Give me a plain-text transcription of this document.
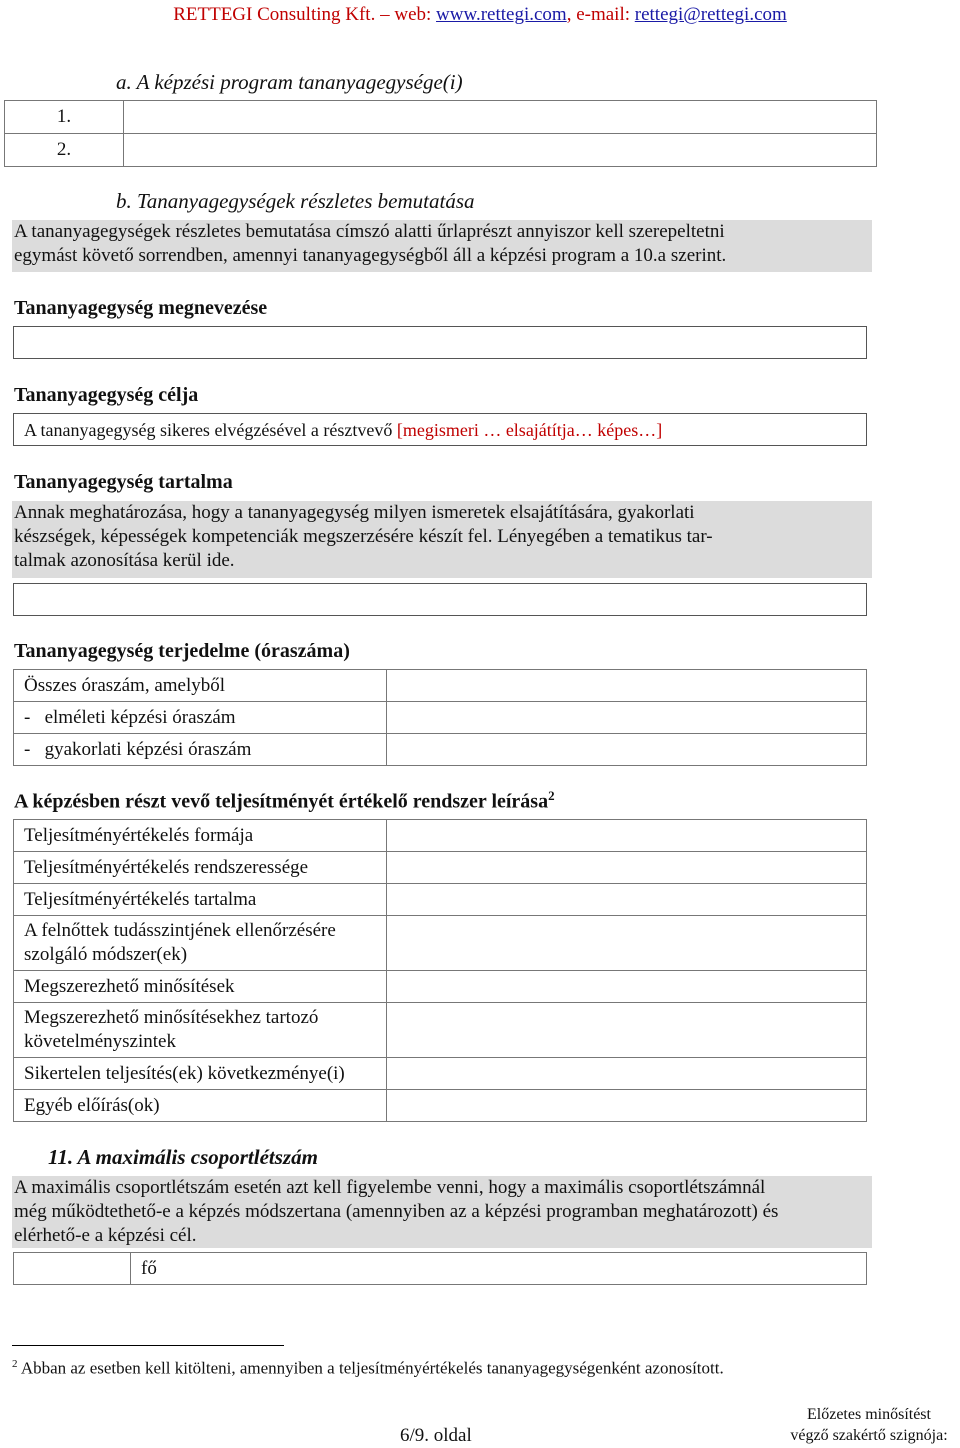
RETTEGI Consulting Kft. – web: www.rettegi.com, e-mail: rettegi@rettegi.com
a. A képzési program tananyagegysége(i)
1.	
2.	
b. Tananyagegységek részletes bemutatása
A tananyagegységek részletes bemutatása címszó alatti űrlaprészt annyiszor kell szerepeltetni
egymást követő sorrendben, amennyi tananyagegységből áll a képzési program a 10.a szerint.
Tananyagegység megnevezése
Tananyagegység célja
A tananyagegység sikeres elvégzésével a résztvevő [megismeri … elsajátítja… képes…]
Tananyagegység tartalma
Annak meghatározása, hogy a tananyagegység milyen ismeretek elsajátítására, gyakorlati
készségek, képességek kompetenciák megszerzésére készít fel. Lényegében a tematikus tar-
talmak azonosítása kerül ide.
Tananyagegység terjedelme (óraszáma)
Összes óraszám, amelyből	
-   elméleti képzési óraszám	
-   gyakorlati képzési óraszám	
A képzésben részt vevő teljesítményét értékelő rendszer leírása$^2$
Teljesítményértékelés formája	
Teljesítményértékelés rendszeressége	
Teljesítményértékelés tartalma	
A felnőttek tudásszintjének ellenőrzésére szolgáló módszer(ek)	
Megszerezhető minősítések	
Megszerezhető minősítésekhez tartozó követelményszintek	
Sikertelen teljesítés(ek) következménye(i)	
Egyéb előírás(ok)	
11. A maximális csoportlétszám
A maximális csoportlétszám esetén azt kell figyelembe venni, hogy a maximális csoportlétszámnál
még működtethető-e a képzés módszertana (amennyiben az a képzési programban meghatározott) és
elérhető-e a képzési cél.
	fő
$^2$ Abban az esetben kell kitölteni, amennyiben a teljesítményértékelés tananyagegységenként azonosított.
6/9. oldal
Előzetes minősítést
végző szakértő szignója:
